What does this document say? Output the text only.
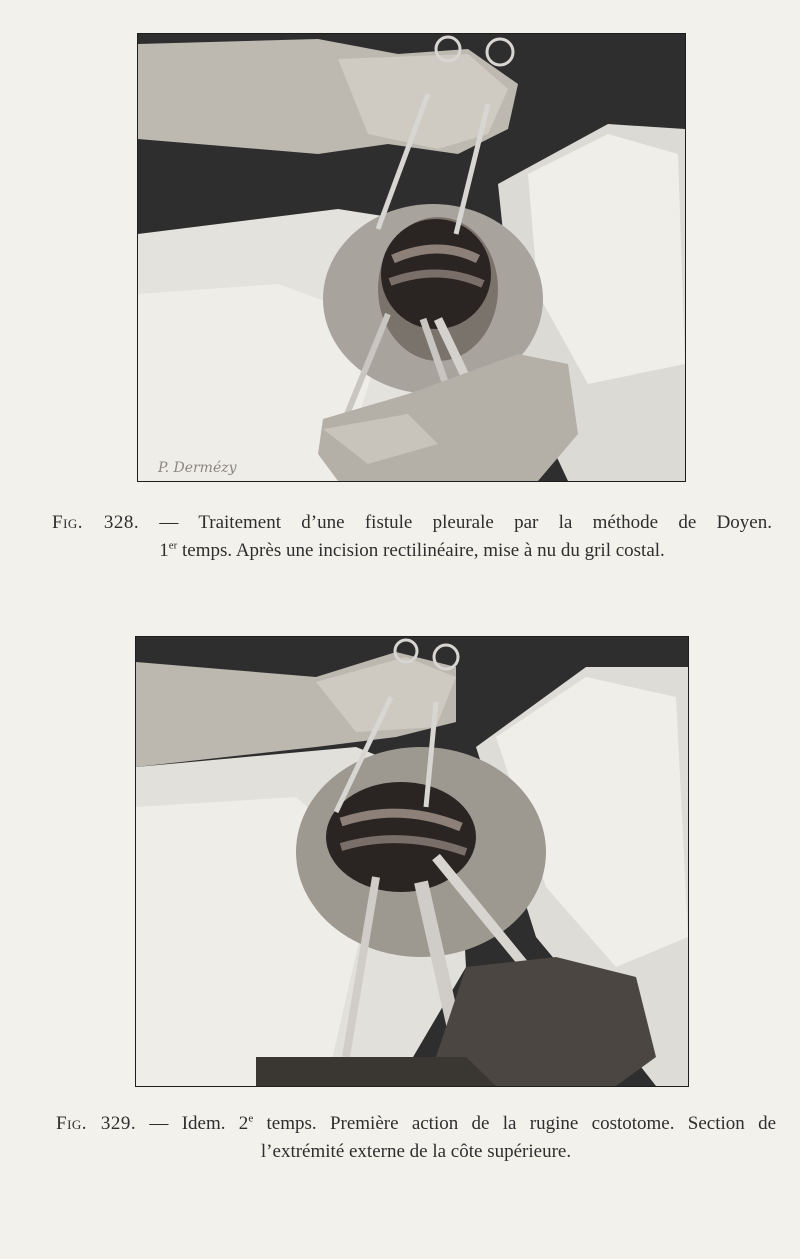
P. Dermézy
Fig. 328. — Traitement d’une fistule pleurale par la méthode de Doyen.
1er temps. Après une incision rectilinéaire, mise à nu du gril costal.
Fig. 329. — Idem. 2e temps. Première action de la rugine costotome. Section de
l’extrémité externe de la côte supérieure.
